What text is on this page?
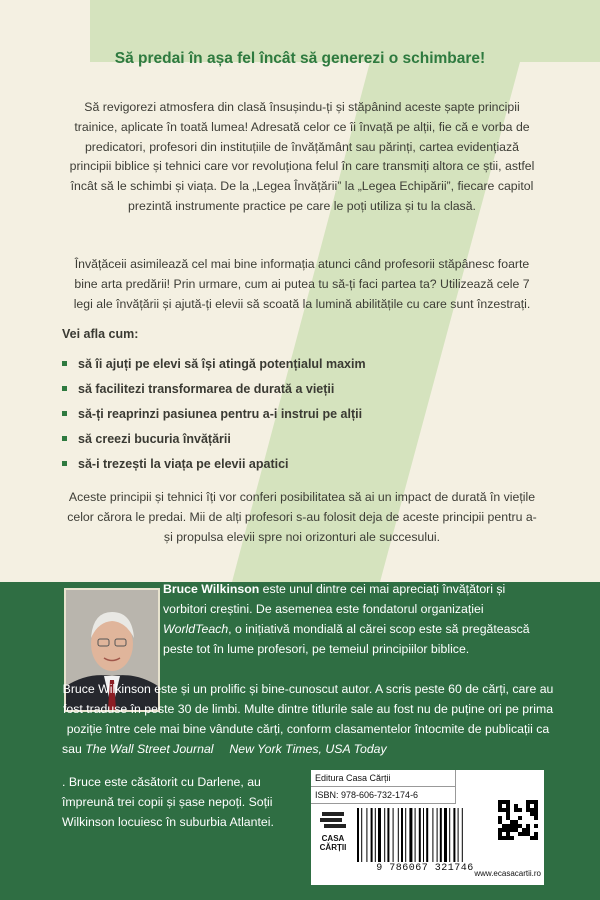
Să predai în așa fel încât să generezi o schimbare!

Să revigorezi atmosfera din clasă însușindu-ți și stăpânind aceste șapte principii trainice, aplicate în toată lumea! Adresată celor ce îi învață pe alții, fie că e vorba de predicatori, profesori din instituțiile de învățământ sau părinți, cartea evidențiază principii biblice și tehnici care vor revoluționa felul în care transmiți altora ce știi, astfel încât să le schimbi și viața. De la „Legea Învățării” la „Legea Echipării”, fiecare capitol prezintă instrumente practice pe care le poți utiliza și tu la clasă.

Învățăceii asimilează cel mai bine informația atunci când profesorii stăpânesc foarte bine arta predării! Prin urmare, cum ai putea tu să-ți faci partea ta? Utilizează cele 7 legi ale învățării și ajută-ți elevii să scoată la lumină abilitățile cu care sunt înzestrați.

Vei afla cum:
să îi ajuți pe elevi să își atingă potențialul maxim
să facilitezi transformarea de durată a vieții
să-ți reaprinzi pasiunea pentru a-i instrui pe alții
să creezi bucuria învățării
să-i trezești la viața pe elevii apatici

Aceste principii și tehnici îți vor conferi posibilitatea să ai un impact de durată în viețile celor cărora le predai. Mii de alți profesori s-au folosit deja de aceste principii pentru a-și propulsa elevii spre noi orizonturi ale succesului.

Bruce Wilkinson este unul dintre cei mai apreciați învățători și vorbitori creștini. De asemenea este fondatorul organizației WorldTeach, o inițiativă mondială al cărei scop este să pregătească peste tot în lume profesori, pe temeiul principiilor biblice.
Bruce Wilkinson este și un prolific și bine-cunoscut autor. A scris peste 60 de cărți, care au fost traduse în peste 30 de limbi. Multe dintre titlurile sale au fost nu de puține ori pe prima poziție între cele mai bine vândute cărți, conform clasamentelor întocmite de publicații ca New York Times, USA Today
sau The Wall Street Journal
. Bruce este căsătorit cu Darlene, au împreună trei copii și șase nepoți. Soții Wilkinson locuiesc în suburbia Atlantei.
Editura Casa Cărții
ISBN: 978-606-732-174-6
CASA
CĂRȚII
9 786067 321746 www.ecasacartii.ro
